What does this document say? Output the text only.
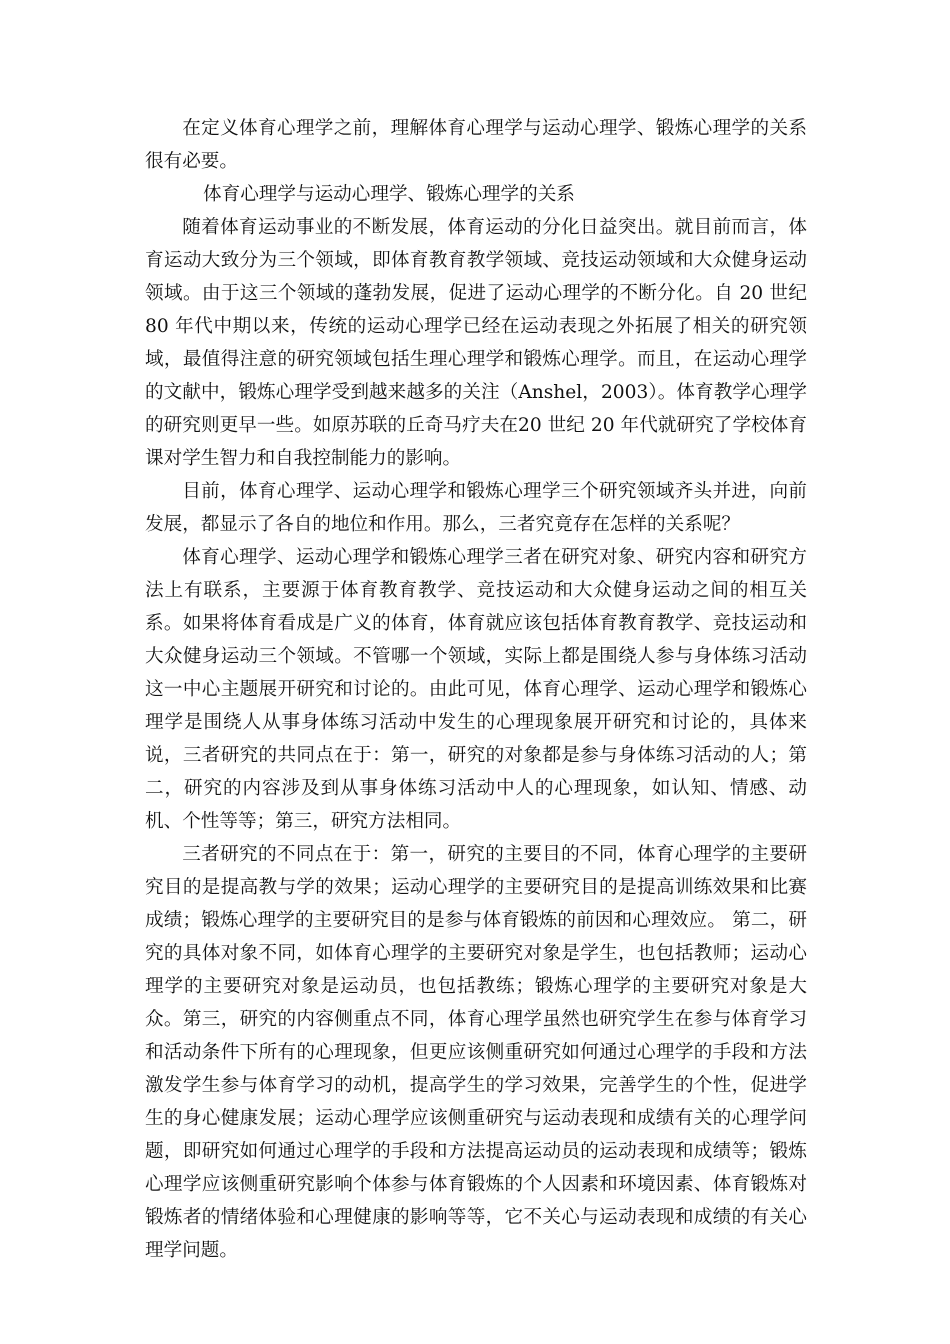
在定义体育心理学之前，理解体育心理学与运动心理学、锻炼心理学的关系很有必要。

体育心理学与运动心理学、锻炼心理学的关系

随着体育运动事业的不断发展，体育运动的分化日益突出。就目前而言，体育运动大致分为三个领域，即体育教育教学领域、竞技运动领域和大众健身运动领域。由于这三个领域的蓬勃发展，促进了运动心理学的不断分化。自 20 世纪 80 年代中期以来，传统的运动心理学已经在运动表现之外拓展了相关的研究领域，最值得注意的研究领域包括生理心理学和锻炼心理学。而且，在运动心理学的文献中，锻炼心理学受到越来越多的关注（Anshel，2003）。体育教学心理学的研究则更早一些。如原苏联的丘奇马疗夫在20 世纪 20 年代就研究了学校体育课对学生智力和自我控制能力的影响。

目前，体育心理学、运动心理学和锻炼心理学三个研究领域齐头并进，向前发展，都显示了各自的地位和作用。那么，三者究竟存在怎样的关系呢？

体育心理学、运动心理学和锻炼心理学三者在研究对象、研究内容和研究方法上有联系，主要源于体育教育教学、竞技运动和大众健身运动之间的相互关系。如果将体育看成是广义的体育，体育就应该包括体育教育教学、竞技运动和大众健身运动三个领域。不管哪一个领域，实际上都是围绕人参与身体练习活动这一中心主题展开研究和讨论的。由此可见，体育心理学、运动心理学和锻炼心理学是围绕人从事身体练习活动中发生的心理现象展开研究和讨论的，具体来说，三者研究的共同点在于：第一，研究的对象都是参与身体练习活动的人；第二，研究的内容涉及到从事身体练习活动中人的心理现象，如认知、情感、动机、个性等等；第三，研究方法相同。

三者研究的不同点在于：第一，研究的主要目的不同，体育心理学的主要研究目的是提高教与学的效果；运动心理学的主要研究目的是提高训练效果和比赛成绩；锻炼心理学的主要研究目的是参与体育锻炼的前因和心理效应。 第二，研究的具体对象不同，如体育心理学的主要研究对象是学生，也包括教师；运动心理学的主要研究对象是运动员，也包括教练；锻炼心理学的主要研究对象是大众。第三，研究的内容侧重点不同，体育心理学虽然也研究学生在参与体育学习和活动条件下所有的心理现象，但更应该侧重研究如何通过心理学的手段和方法激发学生参与体育学习的动机，提高学生的学习效果，完善学生的个性，促进学生的身心健康发展；运动心理学应该侧重研究与运动表现和成绩有关的心理学问题，即研究如何通过心理学的手段和方法提高运动员的运动表现和成绩等；锻炼心理学应该侧重研究影响个体参与体育锻炼的个人因素和环境因素、体育锻炼对锻炼者的情绪体验和心理健康的影响等等，它不关心与运动表现和成绩的有关心理学问题。
